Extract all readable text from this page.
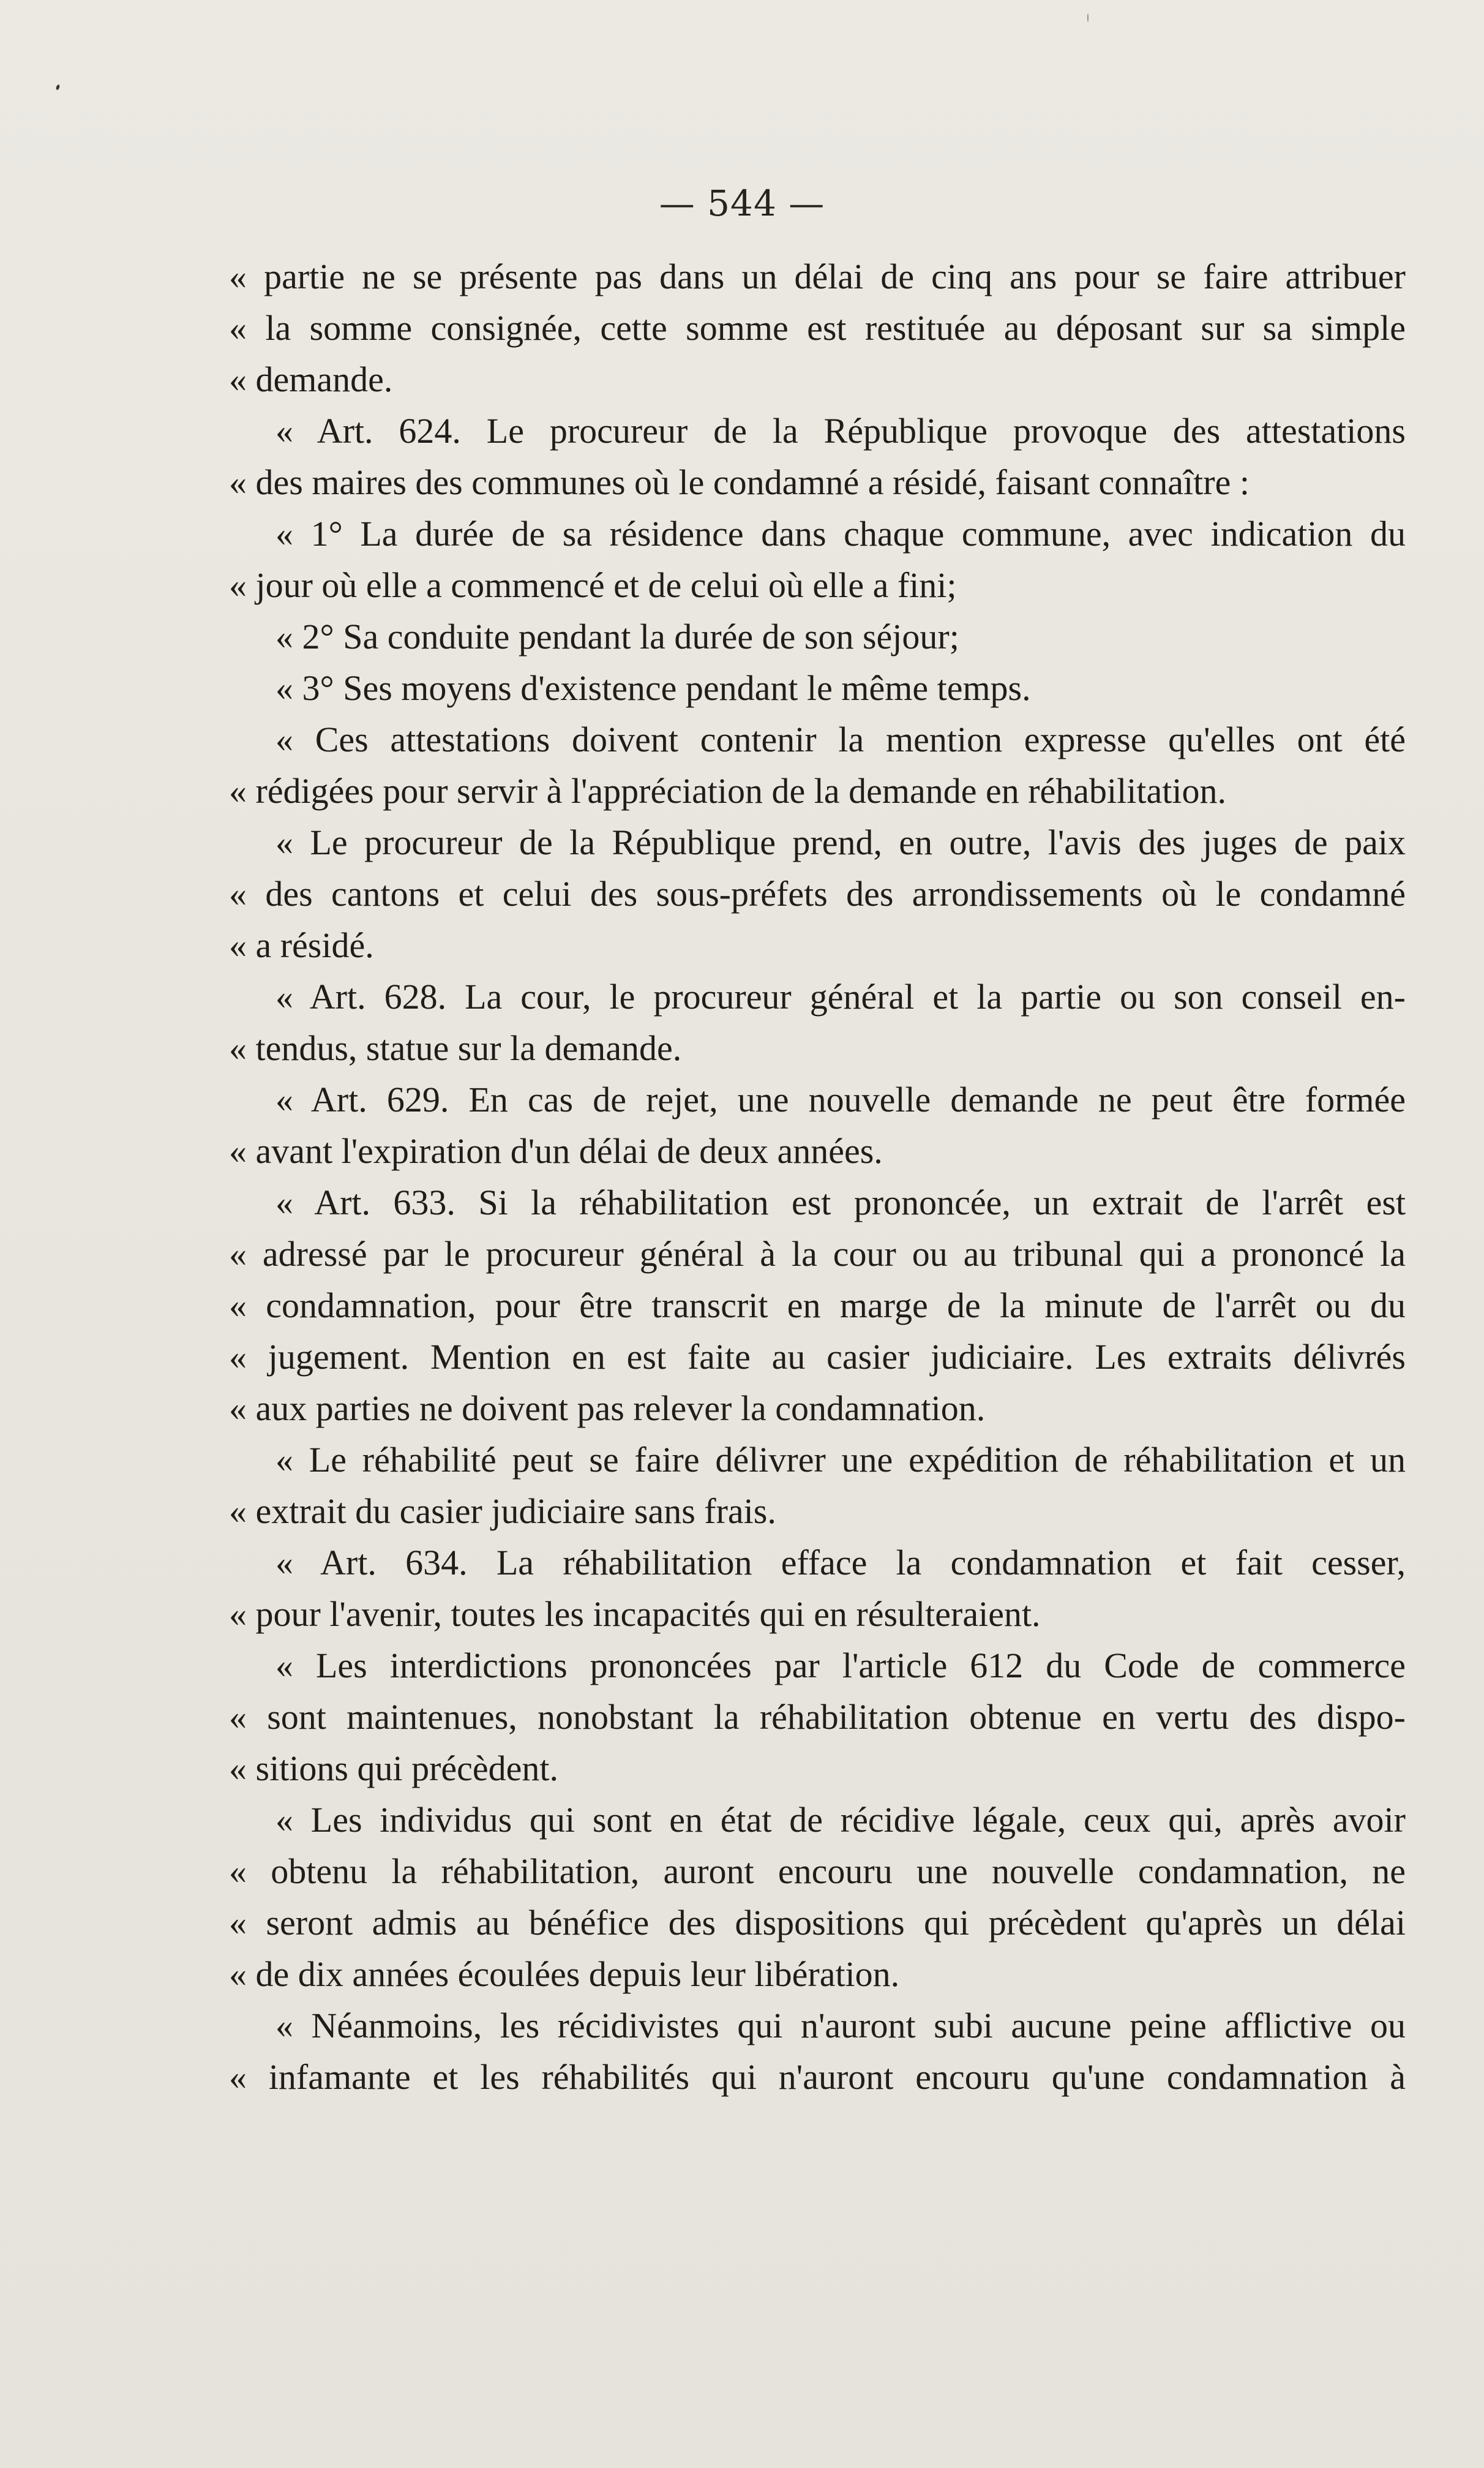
— 544 —
« partie ne se présente pas dans un délai de cinq ans pour se faire attribuer
« la somme consignée, cette somme est restituée au déposant sur sa simple
« demande.
« Art. 624. Le procureur de la République provoque des attestations
« des maires des communes où le condamné a résidé, faisant connaître :
« 1° La durée de sa résidence dans chaque commune, avec indication du
« jour où elle a commencé et de celui où elle a fini;
« 2° Sa conduite pendant la durée de son séjour;
« 3° Ses moyens d'existence pendant le même temps.
« Ces attestations doivent contenir la mention expresse qu'elles ont été
« rédigées pour servir à l'appréciation de la demande en réhabilitation.
« Le procureur de la République prend, en outre, l'avis des juges de paix
« des cantons et celui des sous-préfets des arrondissements où le condamné
« a résidé.
« Art. 628. La cour, le procureur général et la partie ou son conseil en-
« tendus, statue sur la demande.
« Art. 629. En cas de rejet, une nouvelle demande ne peut être formée
« avant l'expiration d'un délai de deux années.
« Art. 633. Si la réhabilitation est prononcée, un extrait de l'arrêt est
« adressé par le procureur général à la cour ou au tribunal qui a prononcé la
« condamnation, pour être transcrit en marge de la minute de l'arrêt ou du
« jugement. Mention en est faite au casier judiciaire. Les extraits délivrés
« aux parties ne doivent pas relever la condamnation.
« Le réhabilité peut se faire délivrer une expédition de réhabilitation et un
« extrait du casier judiciaire sans frais.
« Art. 634. La réhabilitation efface la condamnation et fait cesser,
« pour l'avenir, toutes les incapacités qui en résulteraient.
« Les interdictions prononcées par l'article 612 du Code de commerce
« sont maintenues, nonobstant la réhabilitation obtenue en vertu des dispo-
« sitions qui précèdent.
« Les individus qui sont en état de récidive légale, ceux qui, après avoir
« obtenu la réhabilitation, auront encouru une nouvelle condamnation, ne
« seront admis au bénéfice des dispositions qui précèdent qu'après un délai
« de dix années écoulées depuis leur libération.
« Néanmoins, les récidivistes qui n'auront subi aucune peine afflictive ou
« infamante et les réhabilités qui n'auront encouru qu'une condamnation à
